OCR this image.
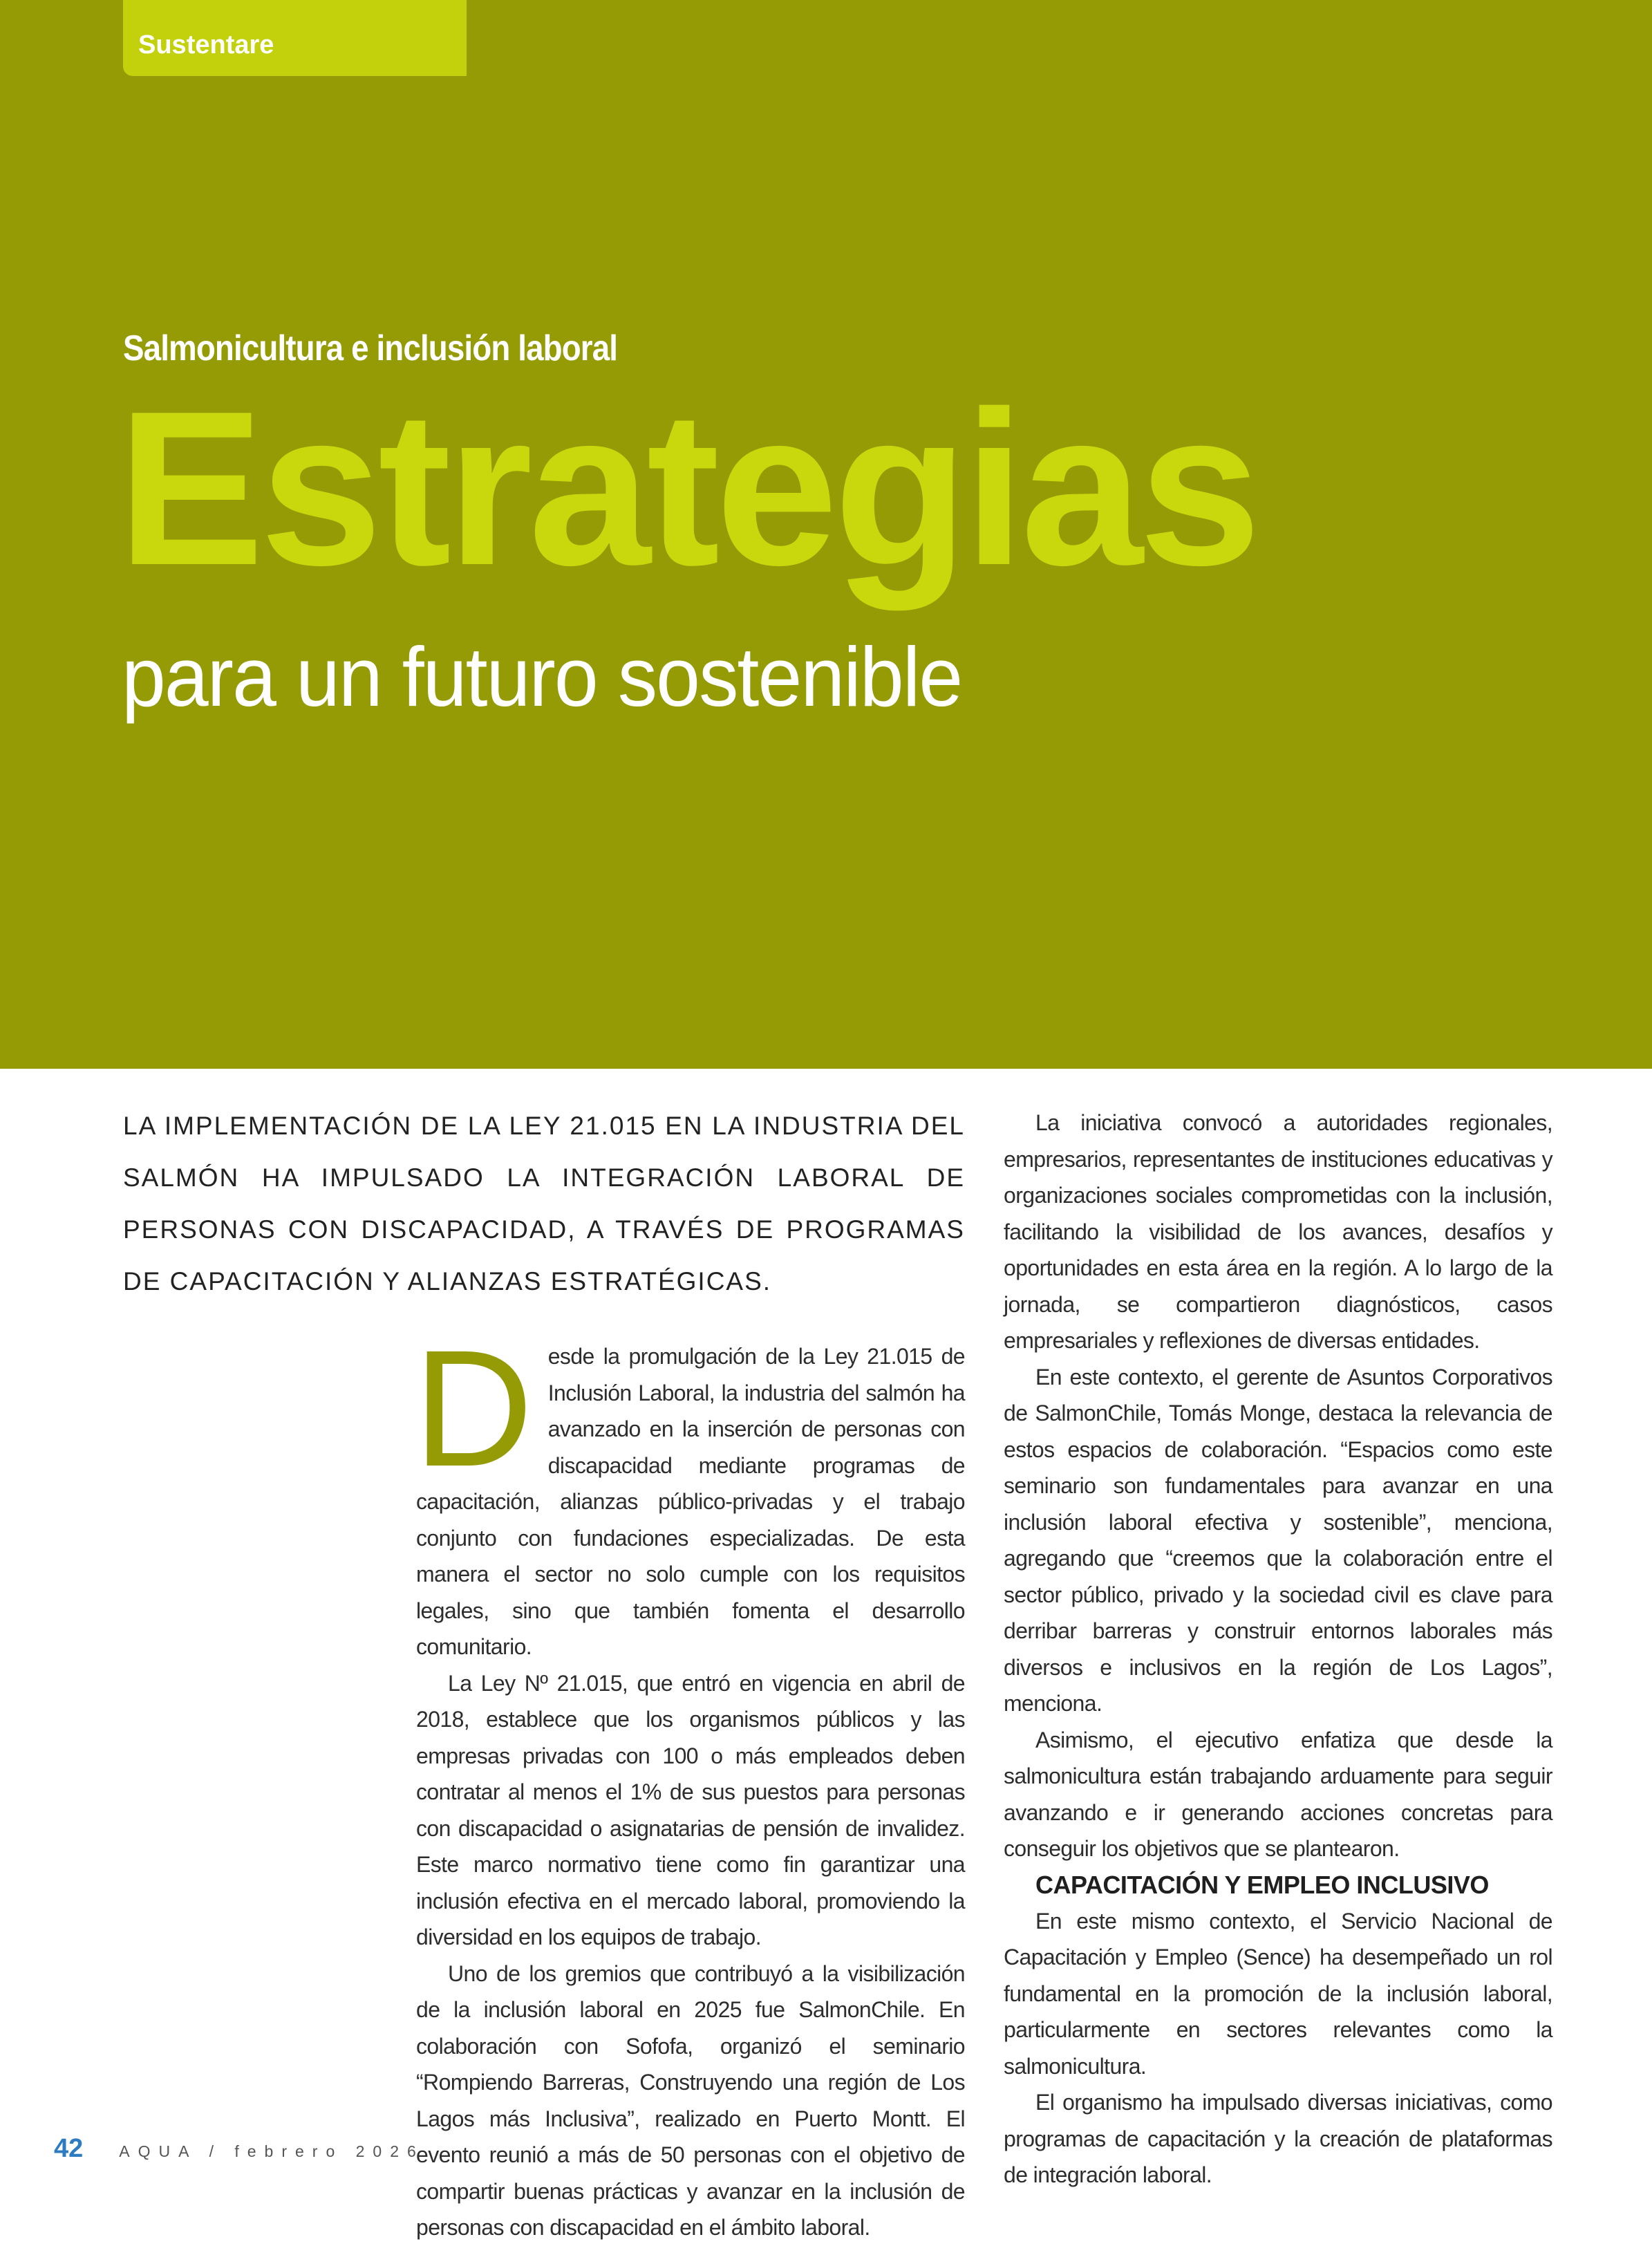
Sustentare
Salmonicultura e inclusión laboral
Estrategias
para un futuro sostenible
LA IMPLEMENTACIÓN DE LA LEY 21.015 EN LA INDUSTRIA DEL SALMÓN HA IMPULSADO LA INTEGRACIÓN LABORAL DE PERSONAS CON DISCAPACIDAD, A TRAVÉS DE PROGRAMAS DE CAPACITACIÓN Y ALIANZAS ESTRATÉGICAS.
D esde la promulgación de la Ley 21.015 de Inclusión Laboral, la industria del salmón ha avanzado en la inserción de personas con discapacidad mediante programas de capacitación, alianzas público-privadas y el trabajo conjunto con fundaciones especializadas. De esta manera el sector no solo cumple con los requisitos legales, sino que también fomenta el desarrollo comunitario.

La Ley Nº 21.015, que entró en vigencia en abril de 2018, establece que los organismos públicos y las empresas privadas con 100 o más empleados deben contratar al menos el 1% de sus puestos para personas con discapacidad o asignatarias de pensión de invalidez. Este marco normativo tiene como fin garantizar una inclusión efectiva en el mercado laboral, promoviendo la diversidad en los equipos de trabajo.

Uno de los gremios que contribuyó a la visibilización de la inclusión laboral en 2025 fue SalmonChile. En colaboración con Sofofa, organizó el seminario “Rompiendo Barreras, Construyendo una región de Los Lagos más Inclusiva”, realizado en Puerto Montt. El evento reunió a más de 50 personas con el objetivo de compartir buenas prácticas y avanzar en la inclusión de personas con discapacidad en el ámbito laboral.

La iniciativa convocó a autoridades regionales, empresarios, representantes de instituciones educativas y organizaciones sociales comprometidas con la inclusión, facilitando la visibilidad de los avances, desafíos y oportunidades en esta área en la región. A lo largo de la jornada, se compartieron diagnósticos, casos empresariales y reflexiones de diversas entidades.

En este contexto, el gerente de Asuntos Corporativos de SalmonChile, Tomás Monge, destaca la relevancia de estos espacios de colaboración. “Espacios como este seminario son fundamentales para avanzar en una inclusión laboral efectiva y sostenible”, menciona, agregando que “creemos que la colaboración entre el sector público, privado y la sociedad civil es clave para derribar barreras y construir entornos laborales más diversos e inclusivos en la región de Los Lagos”, menciona.

Asimismo, el ejecutivo enfatiza que desde la salmonicultura están trabajando arduamente para seguir avanzando e ir generando acciones concretas para conseguir los objetivos que se plantearon.

CAPACITACIÓN Y EMPLEO INCLUSIVO

En este mismo contexto, el Servicio Nacional de Capacitación y Empleo (Sence) ha desempeñado un rol fundamental en la promoción de la inclusión laboral, particularmente en sectores relevantes como la salmonicultura.

El organismo ha impulsado diversas iniciativas, como programas de capacitación y la creación de plataformas de integración laboral.

42 AQUA / febrero 2026
